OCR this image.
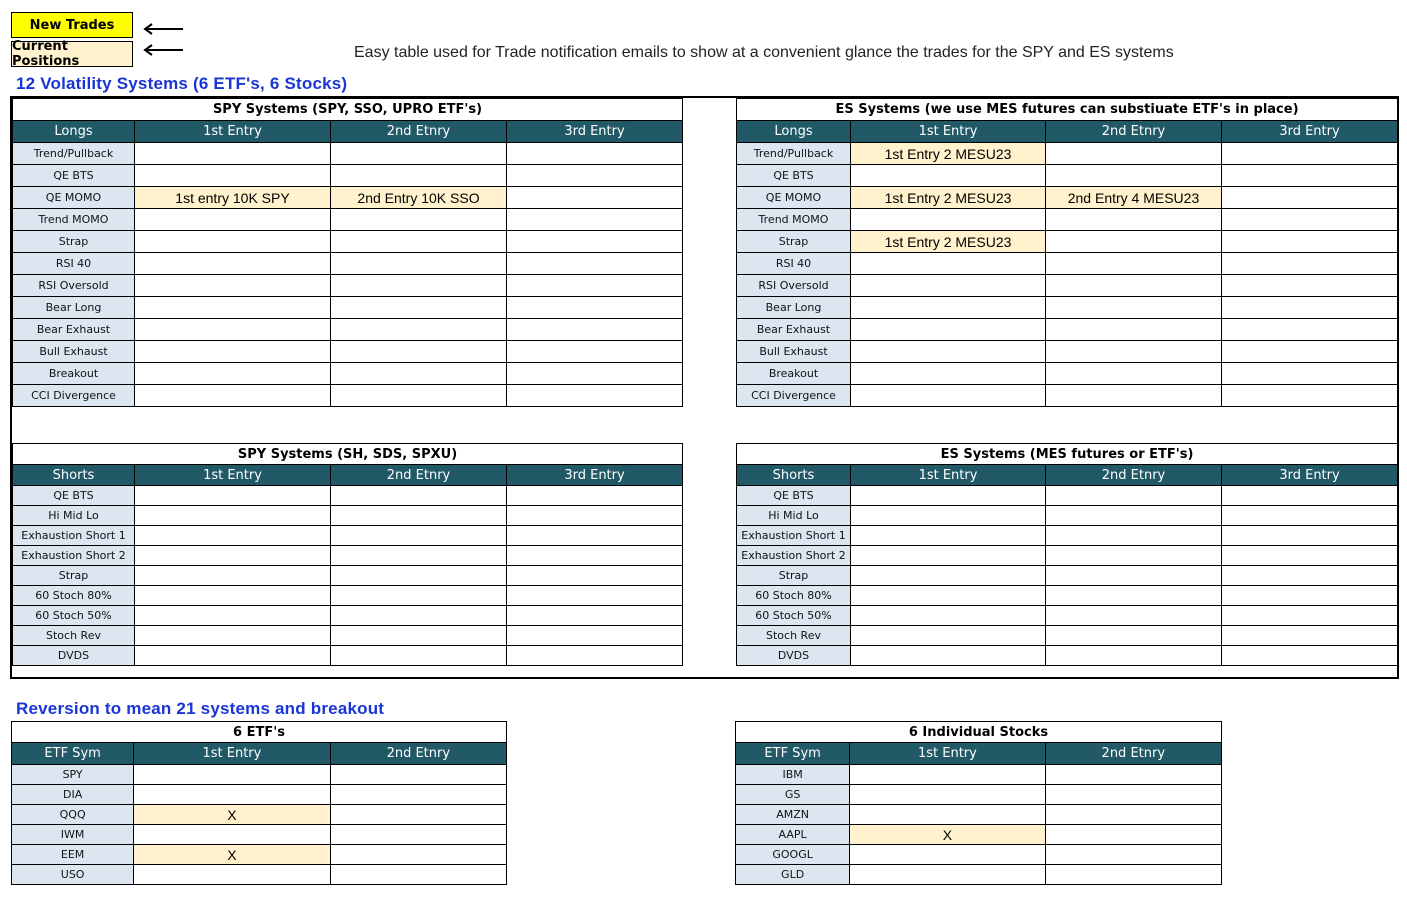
New Trades
Current Positions
Easy table used for Trade notification emails to show at a convenient glance the trades for the SPY and ES systems
12 Volatility Systems (6 ETF's, 6 Stocks)
SPY Systems (SPY, SSO, UPRO ETF's)			
Longs	1st Entry	2nd Etnry	3rd Entry
Trend/Pullback			
QE BTS			
QE MOMO	1st entry 10K SPY	2nd Entry 10K SSO	
Trend MOMO			
Strap			
RSI 40			
RSI Oversold			
Bear Long			
Bear Exhaust			
Bull Exhaust			
Breakout			
CCI Divergence			
ES Systems (we use MES futures can substiuate ETF's in place)			
Longs	1st Entry	2nd Etnry	3rd Entry
Trend/Pullback	1st Entry 2 MESU23		
QE BTS			
QE MOMO	1st Entry 2 MESU23	2nd Entry 4 MESU23	
Trend MOMO			
Strap	1st Entry 2 MESU23		
RSI 40			
RSI Oversold			
Bear Long			
Bear Exhaust			
Bull Exhaust			
Breakout			
CCI Divergence			
SPY Systems (SH, SDS, SPXU)			
Shorts	1st Entry	2nd Etnry	3rd Entry
QE BTS			
Hi Mid Lo			
Exhaustion Short 1			
Exhaustion Short 2			
Strap			
60 Stoch 80%			
60 Stoch 50%			
Stoch Rev			
DVDS			
ES Systems (MES futures or ETF's)			
Shorts	1st Entry	2nd Etnry	3rd Entry
QE BTS			
Hi Mid Lo			
Exhaustion Short 1			
Exhaustion Short 2			
Strap			
60 Stoch 80%			
60 Stoch 50%			
Stoch Rev			
DVDS			
Reversion to mean 21 systems and breakout
6 ETF's		
ETF Sym	1st Entry	2nd Etnry
SPY		
DIA		
QQQ	X	
IWM		
EEM	X	
USO		
6 Individual Stocks		
ETF Sym	1st Entry	2nd Etnry
IBM		
GS		
AMZN		
AAPL	X	
GOOGL		
GLD		
